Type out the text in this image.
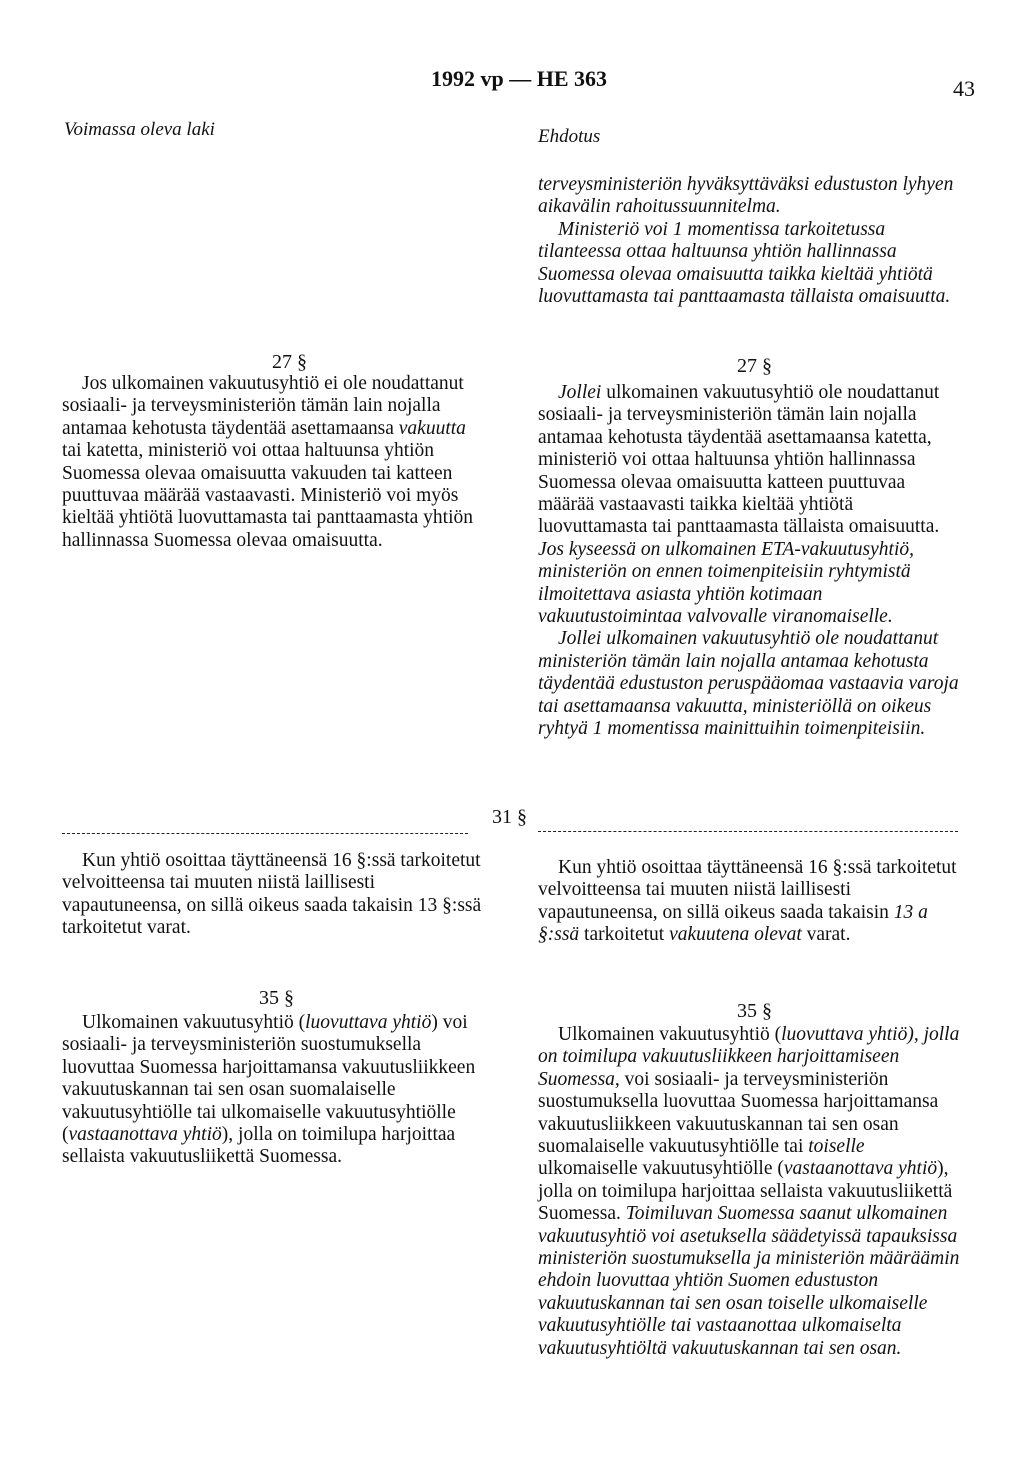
1992 vp — HE 363	43
Voimassa oleva laki	Ehdotus

terveysministeriön hyväksyttäväksi edustuston lyhyen aikavälin rahoitussuunnitelma.

Ministeriö voi 1 momentissa tarkoitetussa tilanteessa ottaa haltuunsa yhtiön hallinnassa Suomessa olevaa omaisuutta taikka kieltää yhtiötä luovuttamasta tai panttaamasta tällaista omaisuutta.

27 §	27 §

Jos ulkomainen vakuutusyhtiö ei ole noudattanut sosiaali- ja terveysministeriön tämän lain nojalla antamaa kehotusta täydentää asettamaansa vakuutta tai katetta, ministeriö voi ottaa haltuunsa yhtiön Suomessa olevaa omaisuutta vakuuden tai katteen puuttuvaa määrää vastaavasti. Ministeriö voi myös kieltää yhtiötä luovuttamasta tai panttaamasta yhtiön hallinnassa Suomessa olevaa omaisuutta.

Jollei ulkomainen vakuutusyhtiö ole noudattanut sosiaali- ja terveysministeriön tämän lain nojalla antamaa kehotusta täydentää asettamaansa katetta, ministeriö voi ottaa haltuunsa yhtiön hallinnassa Suomessa olevaa omaisuutta katteen puuttuvaa määrää vastaavasti taikka kieltää yhtiötä luovuttamasta tai panttaamasta tällaista omaisuutta. Jos kyseessä on ulkomainen ETA-vakuutusyhtiö, ministeriön on ennen toimenpiteisiin ryhtymistä ilmoitettava asiasta yhtiön kotimaan vakuutustoimintaa valvovalle viranomaiselle.

Jollei ulkomainen vakuutusyhtiö ole noudattanut ministeriön tämän lain nojalla antamaa kehotusta täydentää edustuston peruspääomaa vastaavia varoja tai asettamaansa vakuutta, ministeriöllä on oikeus ryhtyä 1 momentissa mainittuihin toimenpiteisiin.

31 §

Kun yhtiö osoittaa täyttäneensä 16 §:ssä tarkoitetut velvoitteensa tai muuten niistä laillisesti vapautuneensa, on sillä oikeus saada takaisin 13 §:ssä tarkoitetut varat.

Kun yhtiö osoittaa täyttäneensä 16 §:ssä tarkoitetut velvoitteensa tai muuten niistä laillisesti vapautuneensa, on sillä oikeus saada takaisin 13 a §:ssä tarkoitetut vakuutena olevat varat.

35 §
35 §

Ulkomainen vakuutusyhtiö (luovuttava yhtiö) voi sosiaali- ja terveysministeriön suostumuksella luovuttaa Suomessa harjoittamansa vakuutusliikkeen vakuutuskannan tai sen osan suomalaiselle vakuutusyhtiölle tai ulkomaiselle vakuutusyhtiölle (vastaanottava yhtiö), jolla on toimilupa harjoittaa sellaista vakuutusliikettä Suomessa.

Ulkomainen vakuutusyhtiö (luovuttava yhtiö), jolla on toimilupa vakuutusliikkeen harjoittamiseen Suomessa, voi sosiaali- ja terveysministeriön suostumuksella luovuttaa Suomessa harjoittamansa vakuutusliikkeen vakuutuskannan tai sen osan suomalaiselle vakuutusyhtiölle tai toiselle ulkomaiselle vakuutusyhtiölle (vastaanottava yhtiö), jolla on toimilupa harjoittaa sellaista vakuutusliikettä Suomessa. Toimiluvan Suomessa saanut ulkomainen vakuutusyhtiö voi asetuksella säädetyissä tapauksissa ministeriön suostumuksella ja ministeriön määräämin ehdoin luovuttaa yhtiön Suomen edustuston vakuutuskannan tai sen osan toiselle ulkomaiselle vakuutusyhtiölle tai vastaanottaa ulkomaiselta vakuutusyhtiöltä vakuutuskannan tai sen osan.
